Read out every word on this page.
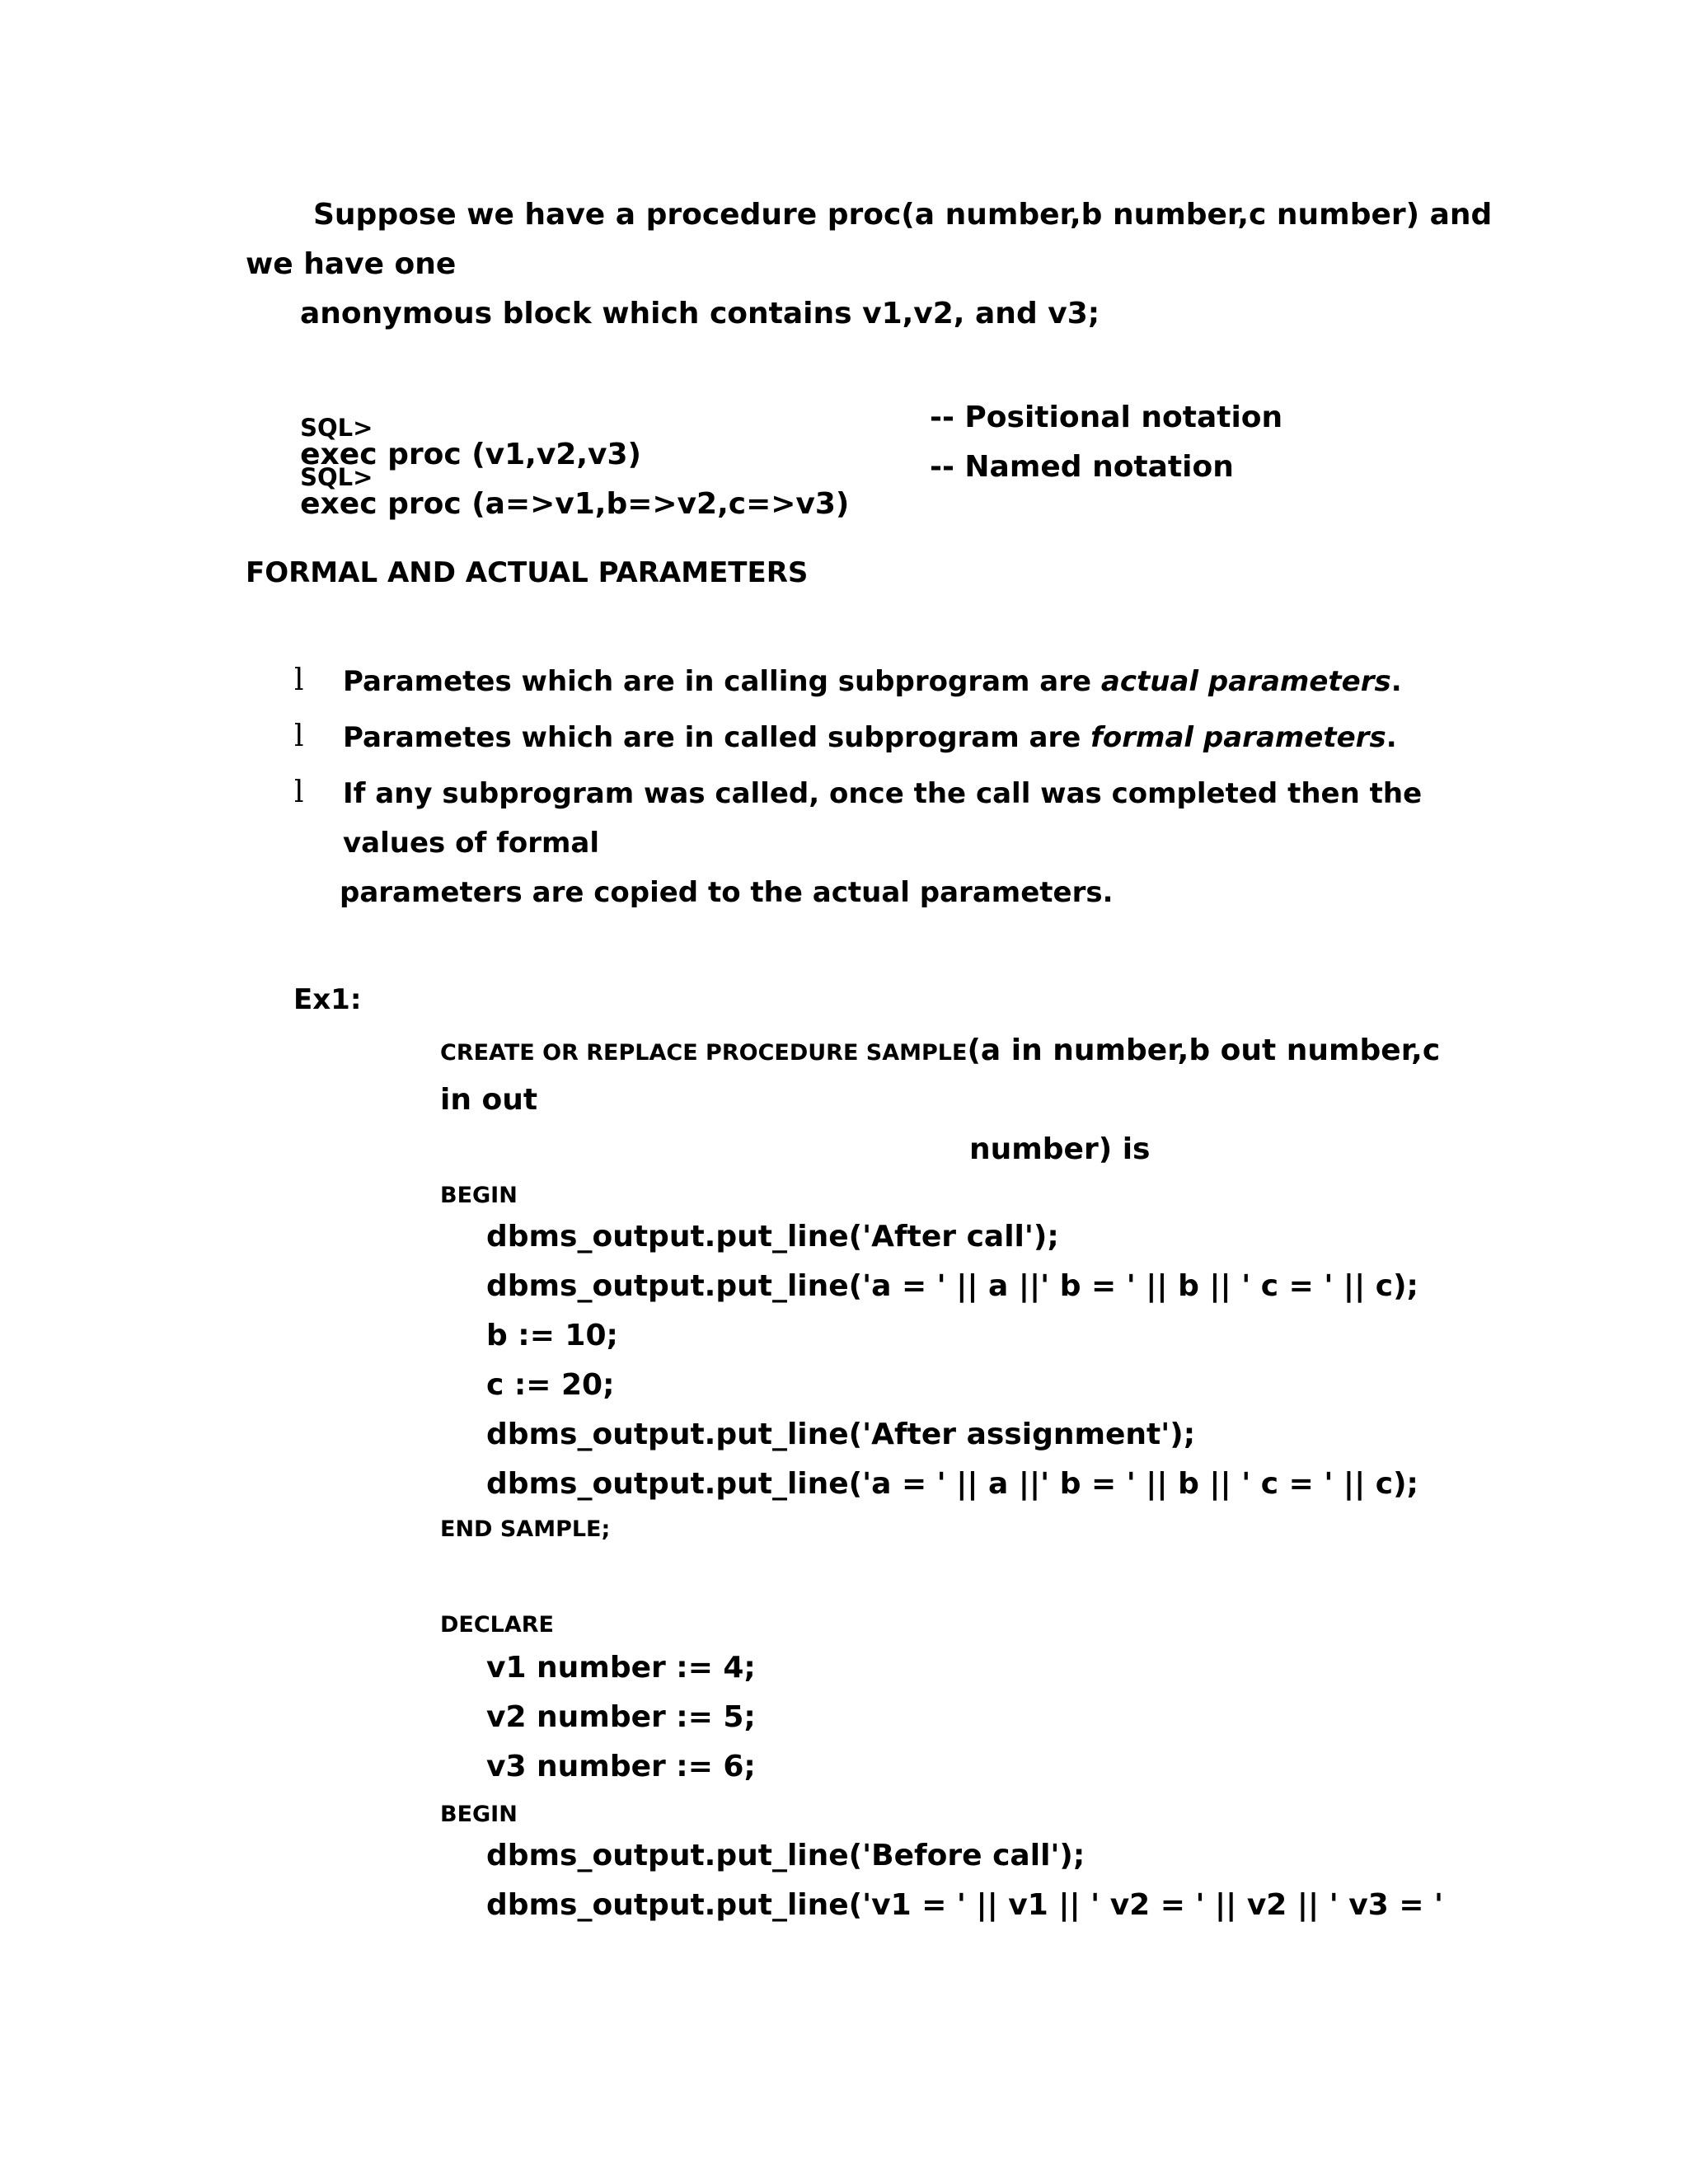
Suppose we have a procedure proc(a number,b number,c number) and
we have one
anonymous block which contains v1,v2, and v3;

SQL>
exec proc (v1,v2,v3)

-- Positional notation

SQL>
exec proc (a=>v1,b=>v2,c=>v3)

-- Named notation
FORMAL AND ACTUAL PARAMETERS
l Parametes which are in calling subprogram are actual parameters.
l Parametes which are in called subprogram are formal parameters.
l If any subprogram was called, once the call was completed then the
values of formal
parameters are copied to the actual parameters.
Ex1:
CREATE OR REPLACE PROCEDURE SAMPLE(a in number,b out number,c
in out
number) is
BEGIN
dbms_output.put_line('After call');
dbms_output.put_line('a = ' || a ||' b = ' || b || ' c = ' || c);
b := 10;
c := 20;
dbms_output.put_line('After assignment');
dbms_output.put_line('a = ' || a ||' b = ' || b || ' c = ' || c);
END SAMPLE;
DECLARE
v1 number := 4;
v2 number := 5;
v3 number := 6;
BEGIN
dbms_output.put_line('Before call');
dbms_output.put_line('v1 = ' || v1 || ' v2 = ' || v2 || ' v3 = '
